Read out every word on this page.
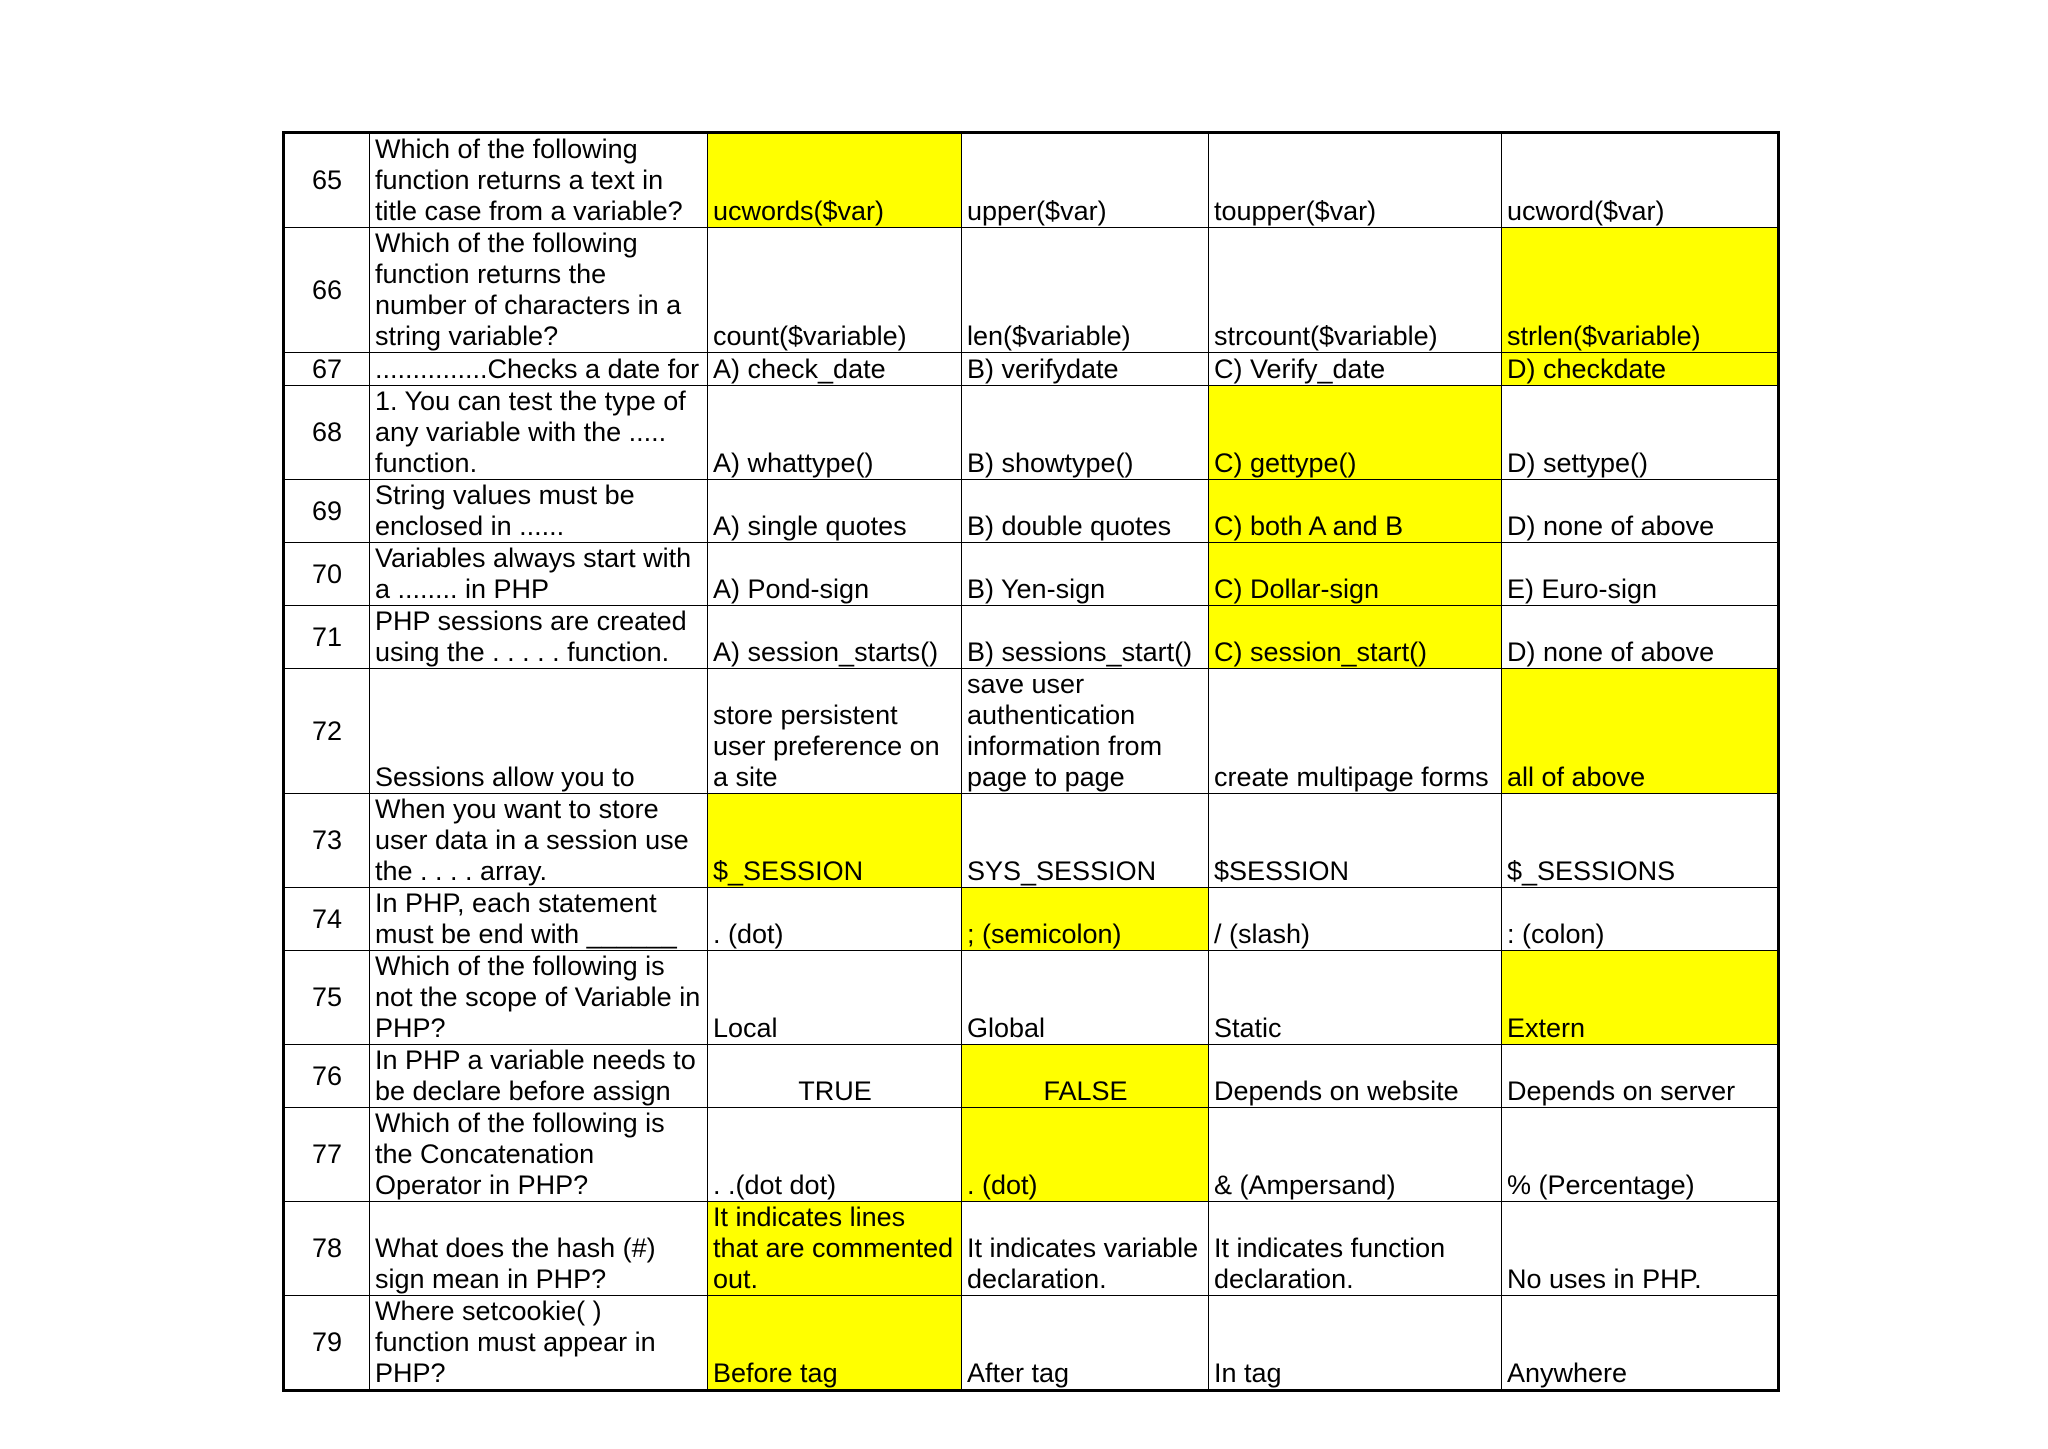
65	Which of the following function returns a text in title case from a variable?	ucwords($var)	upper($var)	toupper($var)	ucword($var)
66	Which of the following function returns the number of characters in a string variable?	count($variable)	len($variable)	strcount($variable)	strlen($variable)
67	...............Checks a date for	A) check_date	B) verifydate	C) Verify_date	D) checkdate
68	1. You can test the type of any variable with the ..... function.	A) whattype()	B) showtype()	C) gettype()	D) settype()
69	String values must be enclosed in ......	A) single quotes	B) double quotes	C) both A and B	D) none of above
70	Variables always start with a ........ in PHP	A) Pond-sign	B) Yen-sign	C) Dollar-sign	E) Euro-sign
71	PHP sessions are created using the . . . . . function.	A) session_starts()	B) sessions_start()	C) session_start()	D) none of above
72	Sessions allow you to	store persistent user preference on a site	save user authentication information from page to page	create multipage forms	all of above
73	When you want to store user data in a session use the . . . . array.	$_SESSION	SYS_SESSION	$SESSION	$_SESSIONS
74	In PHP, each statement must be end with ______	. (dot)	; (semicolon)	/ (slash)	: (colon)
75	Which of the following is not the scope of Variable in PHP?	Local	Global	Static	Extern
76	In PHP a variable needs to be declare before assign	TRUE	FALSE	Depends on website	Depends on server
77	Which of the following is the Concatenation Operator in PHP?	. .(dot dot)	. (dot)	& (Ampersand)	% (Percentage)
78	What does the hash (#) sign mean in PHP?	It indicates lines that are commented out.	It indicates variable declaration.	It indicates function declaration.	No uses in PHP.
79	Where setcookie( ) function must appear in PHP?	Before tag	After tag	In tag	Anywhere
